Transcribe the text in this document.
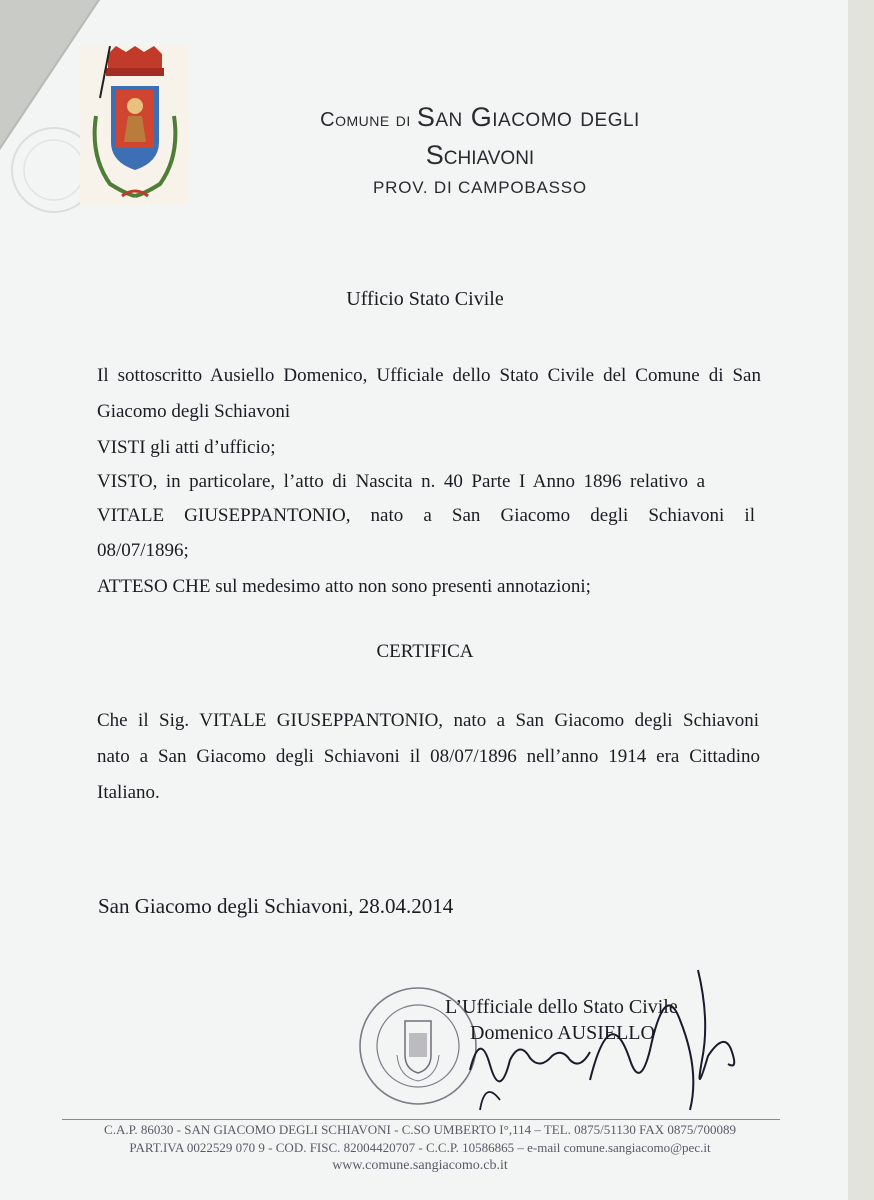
Comune di San Giacomo degli
Schiavoni
PROV. DI CAMPOBASSO
Ufficio Stato Civile
Il sottoscritto Ausiello Domenico, Ufficiale dello Stato Civile del Comune di San
Giacomo degli Schiavoni
VISTI gli atti d’ufficio;
VISTO, in particolare, l’atto di Nascita n. 40 Parte I Anno 1896 relativo a
VITALE GIUSEPPANTONIO, nato a San Giacomo degli Schiavoni il
08/07/1896;
ATTESO CHE sul medesimo atto non sono presenti annotazioni;
CERTIFICA
Che il Sig. VITALE GIUSEPPANTONIO, nato a San Giacomo degli Schiavoni
nato a San Giacomo degli Schiavoni il 08/07/1896 nell’anno 1914 era Cittadino
Italiano.
San Giacomo degli Schiavoni, 28.04.2014
L’Ufficiale dello Stato Civile
Domenico AUSIELLO
C.A.P. 86030 - SAN GIACOMO DEGLI SCHIAVONI - C.SO UMBERTO I°,114 – TEL. 0875/51130 FAX 0875/700089
PART.IVA 0022529 070 9 - COD. FISC. 82004420707 - C.C.P. 10586865 – e-mail comune.sangiacomo@pec.it
www.comune.sangiacomo.cb.it
